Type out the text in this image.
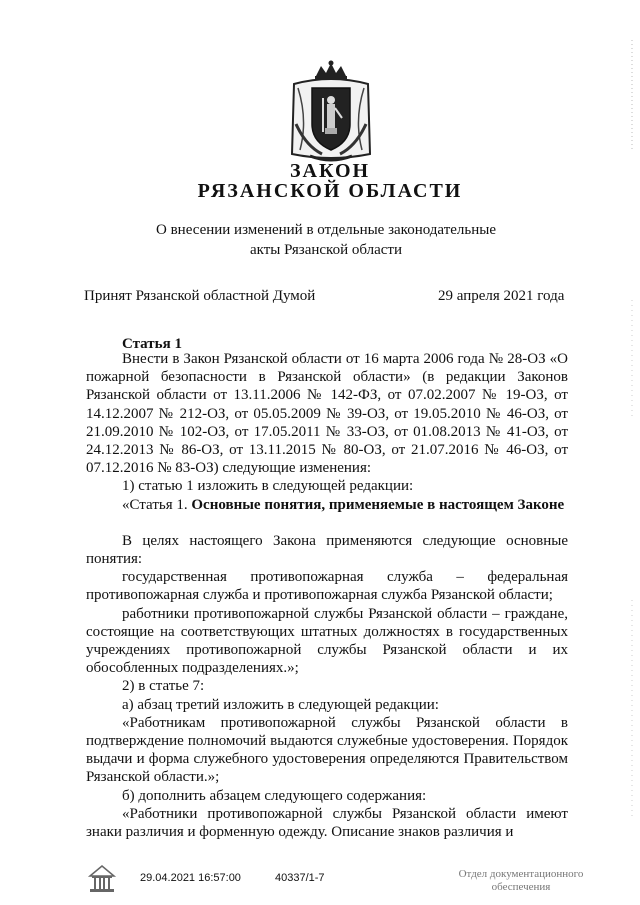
ЗАКОН
РЯЗАНСКОЙ ОБЛАСТИ
О внесении изменений в отдельные законодательные
акты Рязанской области
Принят Рязанской областной Думой	29 апреля 2021 года
Статья 1

Внести в Закон Рязанской области от 16 марта 2006 года № 28-ОЗ «О пожарной безопасности в Рязанской области» (в редакции Законов Рязанской области от 13.11.2006 № 142-ФЗ, от 07.02.2007 № 19-ОЗ, от 14.12.2007 № 212-ОЗ, от 05.05.2009 № 39-ОЗ, от 19.05.2010 № 46-ОЗ, от 21.09.2010 № 102-ОЗ, от 17.05.2011 № 33-ОЗ, от 01.08.2013 № 41-ОЗ, от 24.12.2013 № 86-ОЗ, от 13.11.2015 № 80-ОЗ, от 21.07.2016 № 46-ОЗ, от 07.12.2016 № 83-ОЗ) следующие изменения:

1) статью 1 изложить в следующей редакции:

«Статья 1. Основные понятия, применяемые в настоящем Законе

В целях настоящего Закона применяются следующие основные понятия:

государственная противопожарная служба – федеральная противопожарная служба и противопожарная служба Рязанской области;

работники противопожарной службы Рязанской области – граждане, состоящие на соответствующих штатных должностях в государственных учреждениях противопожарной службы Рязанской области и их обособленных подразделениях.»;

2) в статье 7:

а) абзац третий изложить в следующей редакции:

«Работникам противопожарной службы Рязанской области в подтверждение полномочий выдаются служебные удостоверения. Порядок выдачи и форма служебного удостоверения определяются Правительством Рязанской области.»;

б) дополнить абзацем следующего содержания:

«Работники противопожарной службы Рязанской области имеют знаки различия и форменную одежду. Описание знаков различия и

29.04.2021 16:57:00	40337/1-7	Отдел документационного
обеспечения
